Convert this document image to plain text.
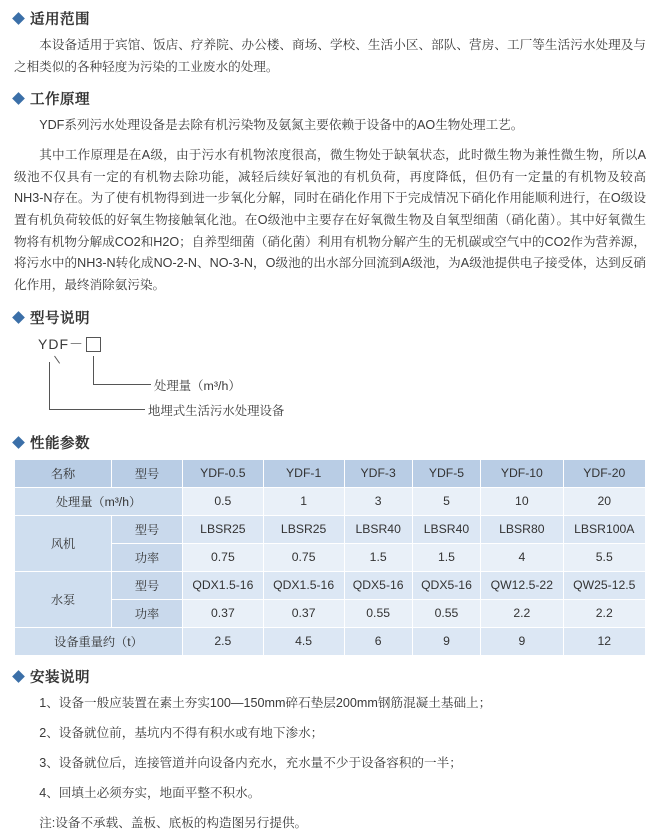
适用范围

本设备适用于宾馆、饭店、疗养院、办公楼、商场、学校、生活小区、部队、营房、工厂等生活污水处理及与之相类似的各种轻度为污染的工业废水的处理。

工作原理

YDF系列污水处理设备是去除有机污染物及氨氮主要依赖于设备中的AO生物处理工艺。

其中工作原理是在A级，由于污水有机物浓度很高，微生物处于缺氧状态，此时微生物为兼性微生物，所以A级池不仅具有一定的有机物去除功能，减轻后续好氧池的有机负荷，再度降低，但仍有一定量的有机物及较高NH3-N存在。为了使有机物得到进一步氧化分解，同时在硝化作用下于完成情况下硝化作用能顺利进行，在O级设置有机负荷较低的好氧生物接触氧化池。在O级池中主要存在好氧微生物及自氧型细菌（硝化菌）。其中好氧微生物将有机物分解成CO2和H2O；自养型细菌（硝化菌）利用有机物分解产生的无机碳或空气中的CO2作为营养源，将污水中的NH3-N转化成NO-2-N、NO-3-N，O级池的出水部分回流到A级池，为A级池提供电子接受体，达到反硝化作用，最终消除氨污染。

型号说明
YDF－
处理量（m³/h）
地埋式生活污水处理设备
性能参数
名称	型号	YDF-0.5	YDF-1	YDF-3	YDF-5	YDF-10	YDF-20
处理量（m³/h）		0.5	1	3	5	10	20
风机	型号	LBSR25	LBSR25	LBSR40	LBSR40	LBSR80	LBSR100A
	功率	0.75	0.75	1.5	1.5	4	5.5
水泵	型号	QDX1.5-16	QDX1.5-16	QDX5-16	QDX5-16	QW12.5-22	QW25-12.5
	功率	0.37	0.37	0.55	0.55	2.2	2.2
设备重量约（t）		2.5	4.5	6	9	9	12
安装说明
1、设备一般应装置在素土夯实100—150mm碎石垫层200mm钢筋混凝土基础上；
2、设备就位前，基坑内不得有积水或有地下渗水；
3、设备就位后，连接管道并向设备内充水，充水量不少于设备容积的一半；
4、回填土必须夯实，地面平整不积水。
注:设备不承载、盖板、底板的构造图另行提供。
